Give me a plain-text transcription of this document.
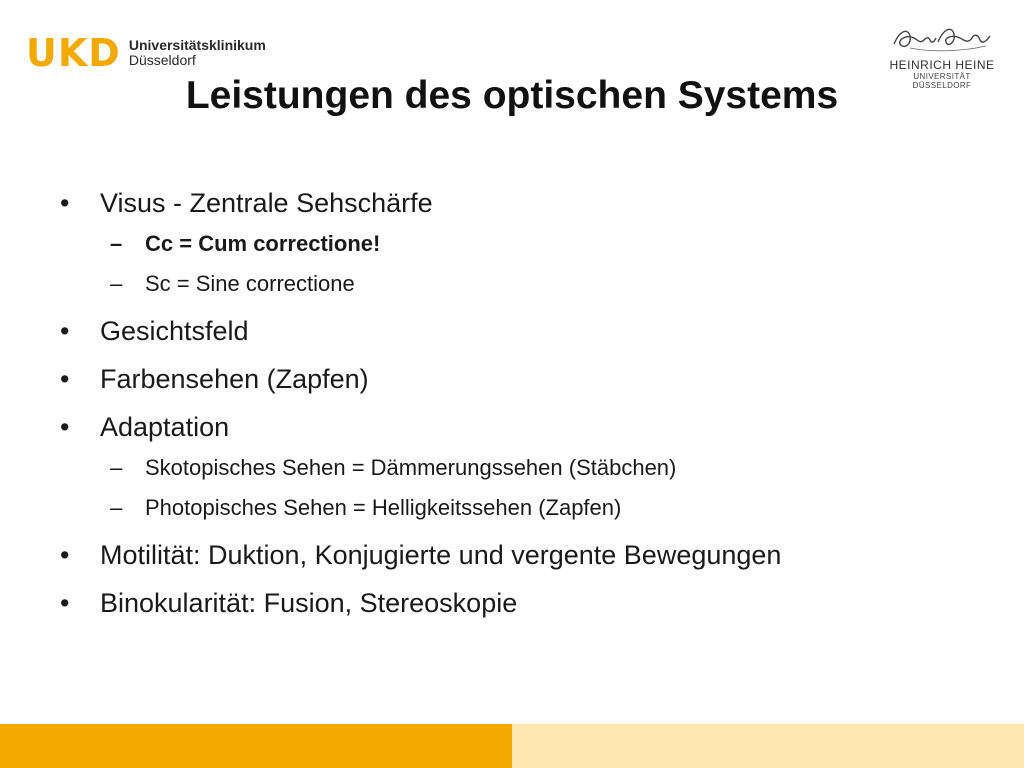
UKD Universitätsklinikum
Düsseldorf	HEINRICH HEINE
UNIVERSITÄT DÜSSELDORF
Leistungen des optischen Systems
•	Visus - Zentrale Sehschärfe
– Cc = Cum correctione!
– Sc = Sine correctione
•	Gesichtsfeld
•	Farbensehen (Zapfen)
•	Adaptation
– Skotopisches Sehen = Dämmerungssehen (Stäbchen)
– Photopisches Sehen = Helligkeitssehen (Zapfen)
•	Motilität: Duktion, Konjugierte und vergente Bewegungen
•	Binokularität: Fusion, Stereoskopie
